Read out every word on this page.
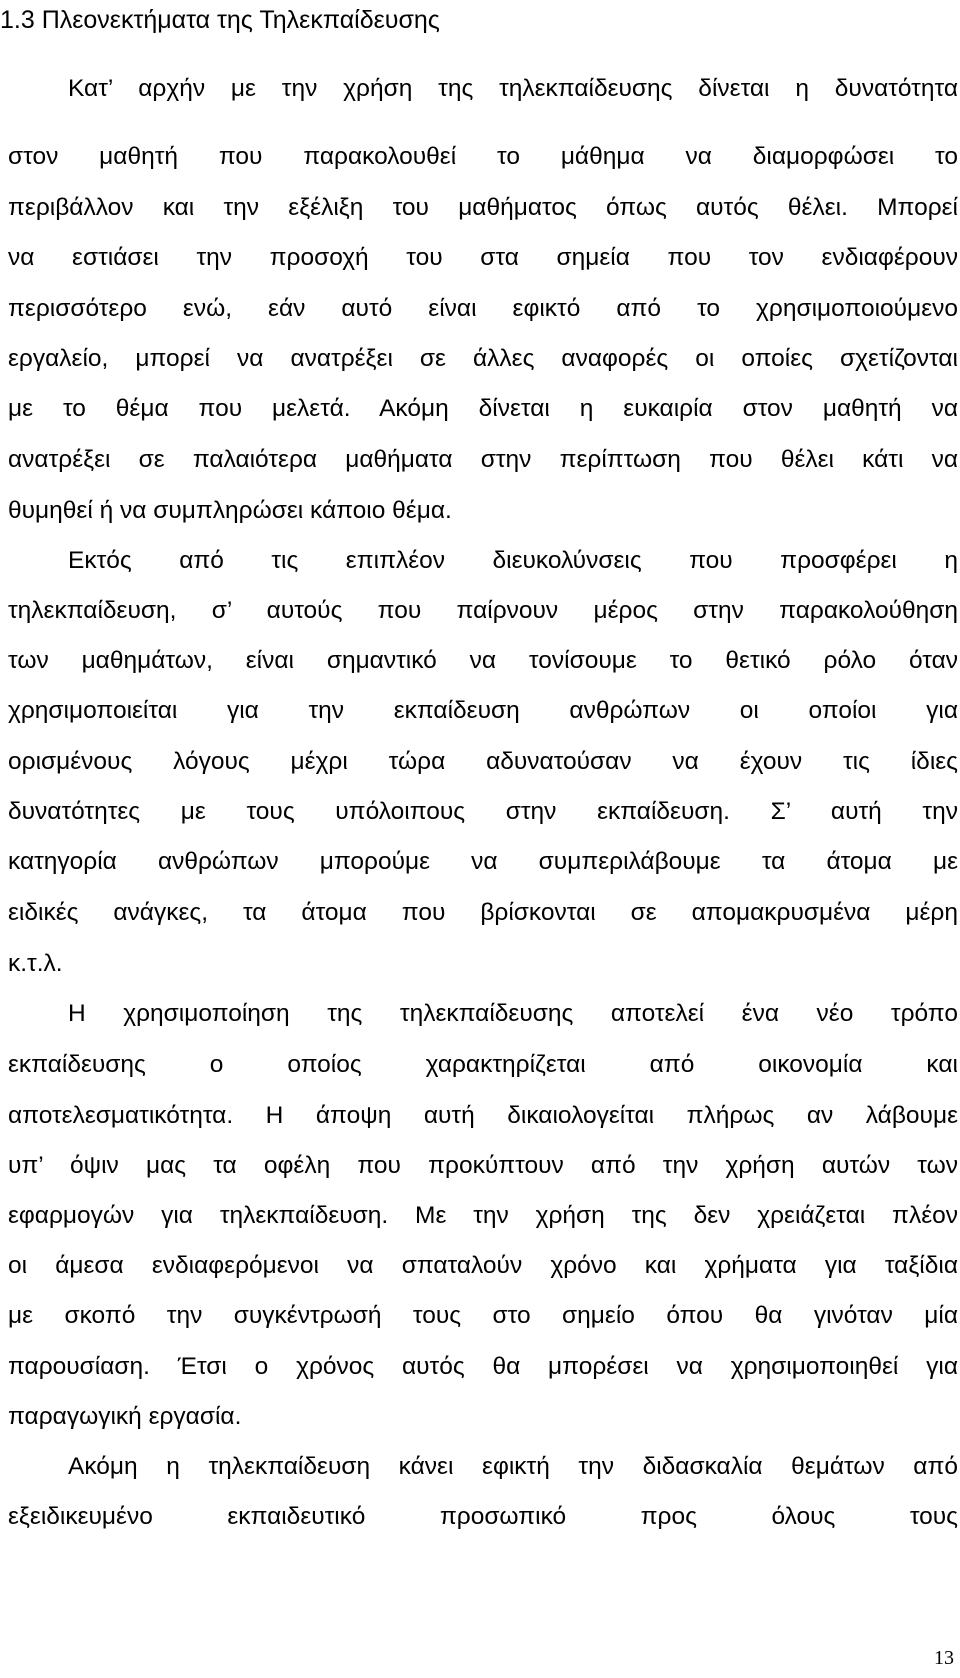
1.3 Πλεονεκτήματα της Τηλεκπαίδευσης

Κατ’ αρχήν με την χρήση της τηλεκπαίδευσης δίνεται η δυνατότητα

στον μαθητή που παρακολουθεί το μάθημα να διαμορφώσει το

περιβάλλον και την εξέλιξη του μαθήματος όπως αυτός θέλει. Μπορεί

να εστιάσει την προσοχή του στα σημεία που τον ενδιαφέρουν

περισσότερο ενώ, εάν αυτό είναι εφικτό από το χρησιμοποιούμενο

εργαλείο, μπορεί να ανατρέξει σε άλλες αναφορές οι οποίες σχετίζονται

με το θέμα που μελετά. Ακόμη δίνεται η ευκαιρία στον μαθητή να

ανατρέξει σε παλαιότερα μαθήματα στην περίπτωση που θέλει κάτι να

θυμηθεί ή να συμπληρώσει κάποιο θέμα.

Εκτός από τις επιπλέον διευκολύνσεις που προσφέρει η

τηλεκπαίδευση, σ’ αυτούς που παίρνουν μέρος στην παρακολούθηση

των μαθημάτων, είναι σημαντικό να τονίσουμε το θετικό ρόλο όταν

χρησιμοποιείται για την εκπαίδευση ανθρώπων οι οποίοι για

ορισμένους λόγους μέχρι τώρα αδυνατούσαν να έχουν τις ίδιες

δυνατότητες με τους υπόλοιπους στην εκπαίδευση. Σ’ αυτή την

κατηγορία ανθρώπων μπορούμε να συμπεριλάβουμε τα άτομα με

ειδικές ανάγκες, τα άτομα που βρίσκονται σε απομακρυσμένα μέρη

κ.τ.λ.

Η χρησιμοποίηση της τηλεκπαίδευσης αποτελεί ένα νέο τρόπο

εκπαίδευσης ο οποίος χαρακτηρίζεται από οικονομία και

αποτελεσματικότητα. Η άποψη αυτή δικαιολογείται πλήρως αν λάβουμε

υπ’ όψιν μας τα οφέλη που προκύπτουν από την χρήση αυτών των

εφαρμογών για τηλεκπαίδευση. Με την χρήση της δεν χρειάζεται πλέον

οι άμεσα ενδιαφερόμενοι να σπαταλούν χρόνο και χρήματα για ταξίδια

με σκοπό την συγκέντρωσή τους στο σημείο όπου θα γινόταν μία

παρουσίαση. Έτσι ο χρόνος αυτός θα μπορέσει να χρησιμοποιηθεί για

παραγωγική εργασία.

Ακόμη η τηλεκπαίδευση κάνει εφικτή την διδασκαλία θεμάτων από

εξειδικευμένο εκπαιδευτικό προσωπικό προς όλους τους

13
